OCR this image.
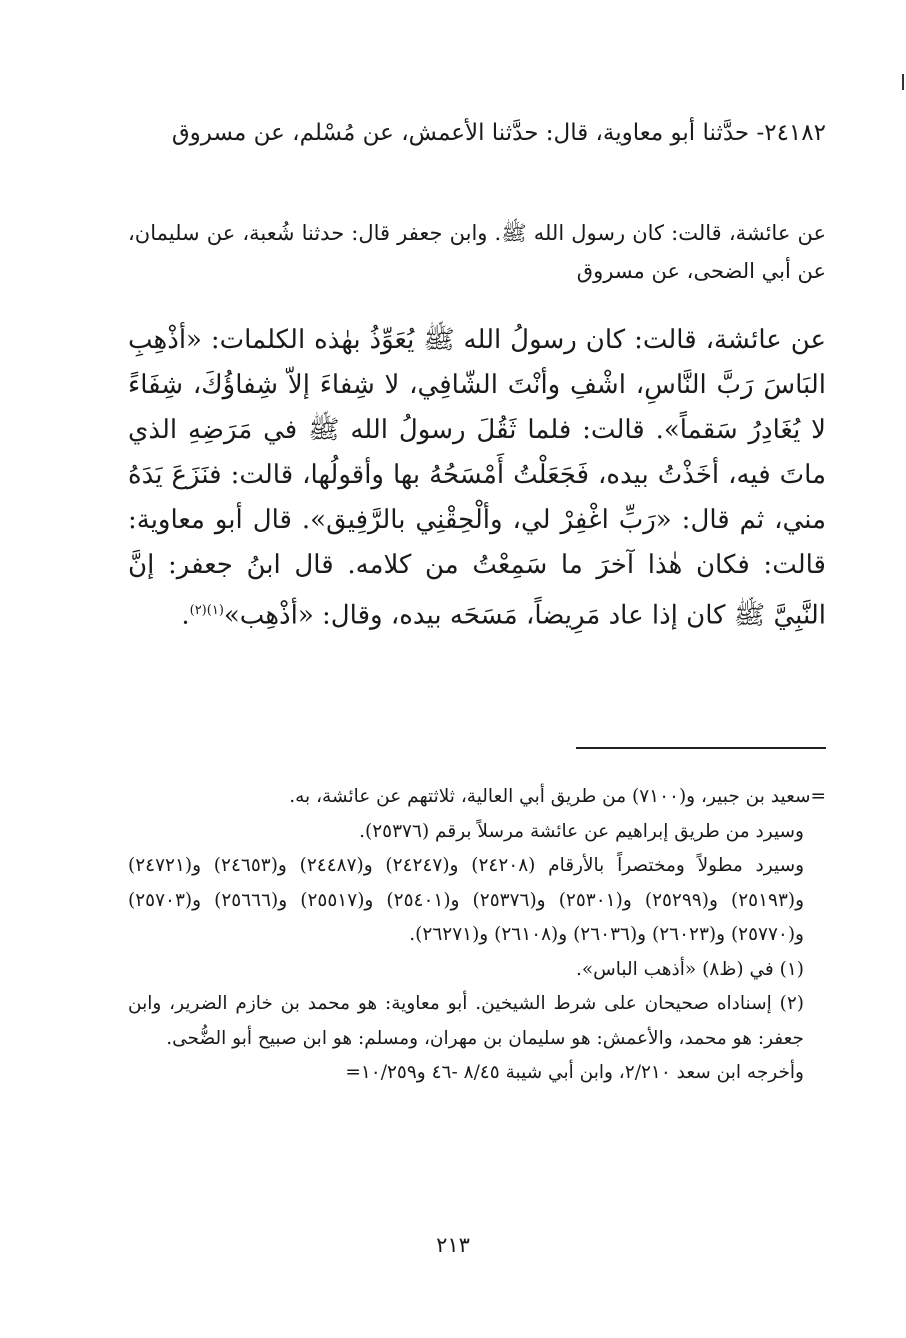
٢٤١٨٢- حدَّثنا أبو معاوية، قال: حدَّثنا الأعمش، عن مُسْلم، عن مسروق
عن عائشة، قالت: كان رسول الله ﷺ. وابن جعفر قال: حدثنا شُعبة، عن سليمان، عن أبي الضحى، عن مسروق
عن عائشة، قالت: كان رسولُ الله ﷺ يُعَوِّذُ بهٰذه الكلمات: «أذْهِبِ البَاسَ رَبَّ النَّاسِ، اشْفِ وأنْتَ الشّافِي، لا شِفاءَ إلاّ شِفاؤُكَ، شِفَاءً لا يُغَادِرُ سَقماً». قالت: فلما ثَقُلَ رسولُ الله ﷺ في مَرَضِهِ الذي ماتَ فيه، أخَذْتُ بيده، فَجَعَلْتُ أَمْسَحُهُ بها وأقولُها، قالت: فنَزَعَ يَدَهُ مني، ثم قال: «رَبِّ اغْفِرْ لي، وألْحِقْنِي بالرَّفِيق». قال أبو معاوية: قالت: فكان هٰذا آخرَ ما سَمِعْتُ من كلامه. قال ابنُ جعفر: إنَّ النَّبِيَّ ﷺ كان إذا عاد مَرِيضاً، مَسَحَه بيده، وقال: «أذْهِب»$^{(١)(٢)}$.

=سعيد بن جبير، و(٧١٠٠) من طريق أبي العالية، ثلاثتهم عن عائشة، به.

وسيرد من طريق إبراهيم عن عائشة مرسلاً برقم (٢٥٣٧٦).

وسيرد مطولاً ومختصراً بالأرقام (٢٤٢٠٨) و(٢٤٢٤٧) و(٢٤٤٨٧) و(٢٤٦٥٣) و(٢٤٧٢١) و(٢٥١٩٣) و(٢٥٢٩٩) و(٢٥٣٠١) و(٢٥٣٧٦) و(٢٥٤٠١) و(٢٥٥١٧) و(٢٥٦٦٦) و(٢٥٧٠٣) و(٢٥٧٧٠) و(٢٦٠٢٣) و(٢٦٠٣٦) و(٢٦١٠٨) و(٢٦٢٧١).

(١) في (ظ٨) «أذهب الباس».

(٢) إسناداه صحيحان على شرط الشيخين. أبو معاوية: هو محمد بن خازم الضرير، وابن جعفر: هو محمد، والأعمش: هو سليمان بن مهران، ومسلم: هو ابن صبيح أبو الضُّحى.

وأخرجه ابن سعد ٢/٢١٠، وابن أبي شيبة ٨/٤٥ -٤٦ و١٠/٢٥٩=

٢١٣
